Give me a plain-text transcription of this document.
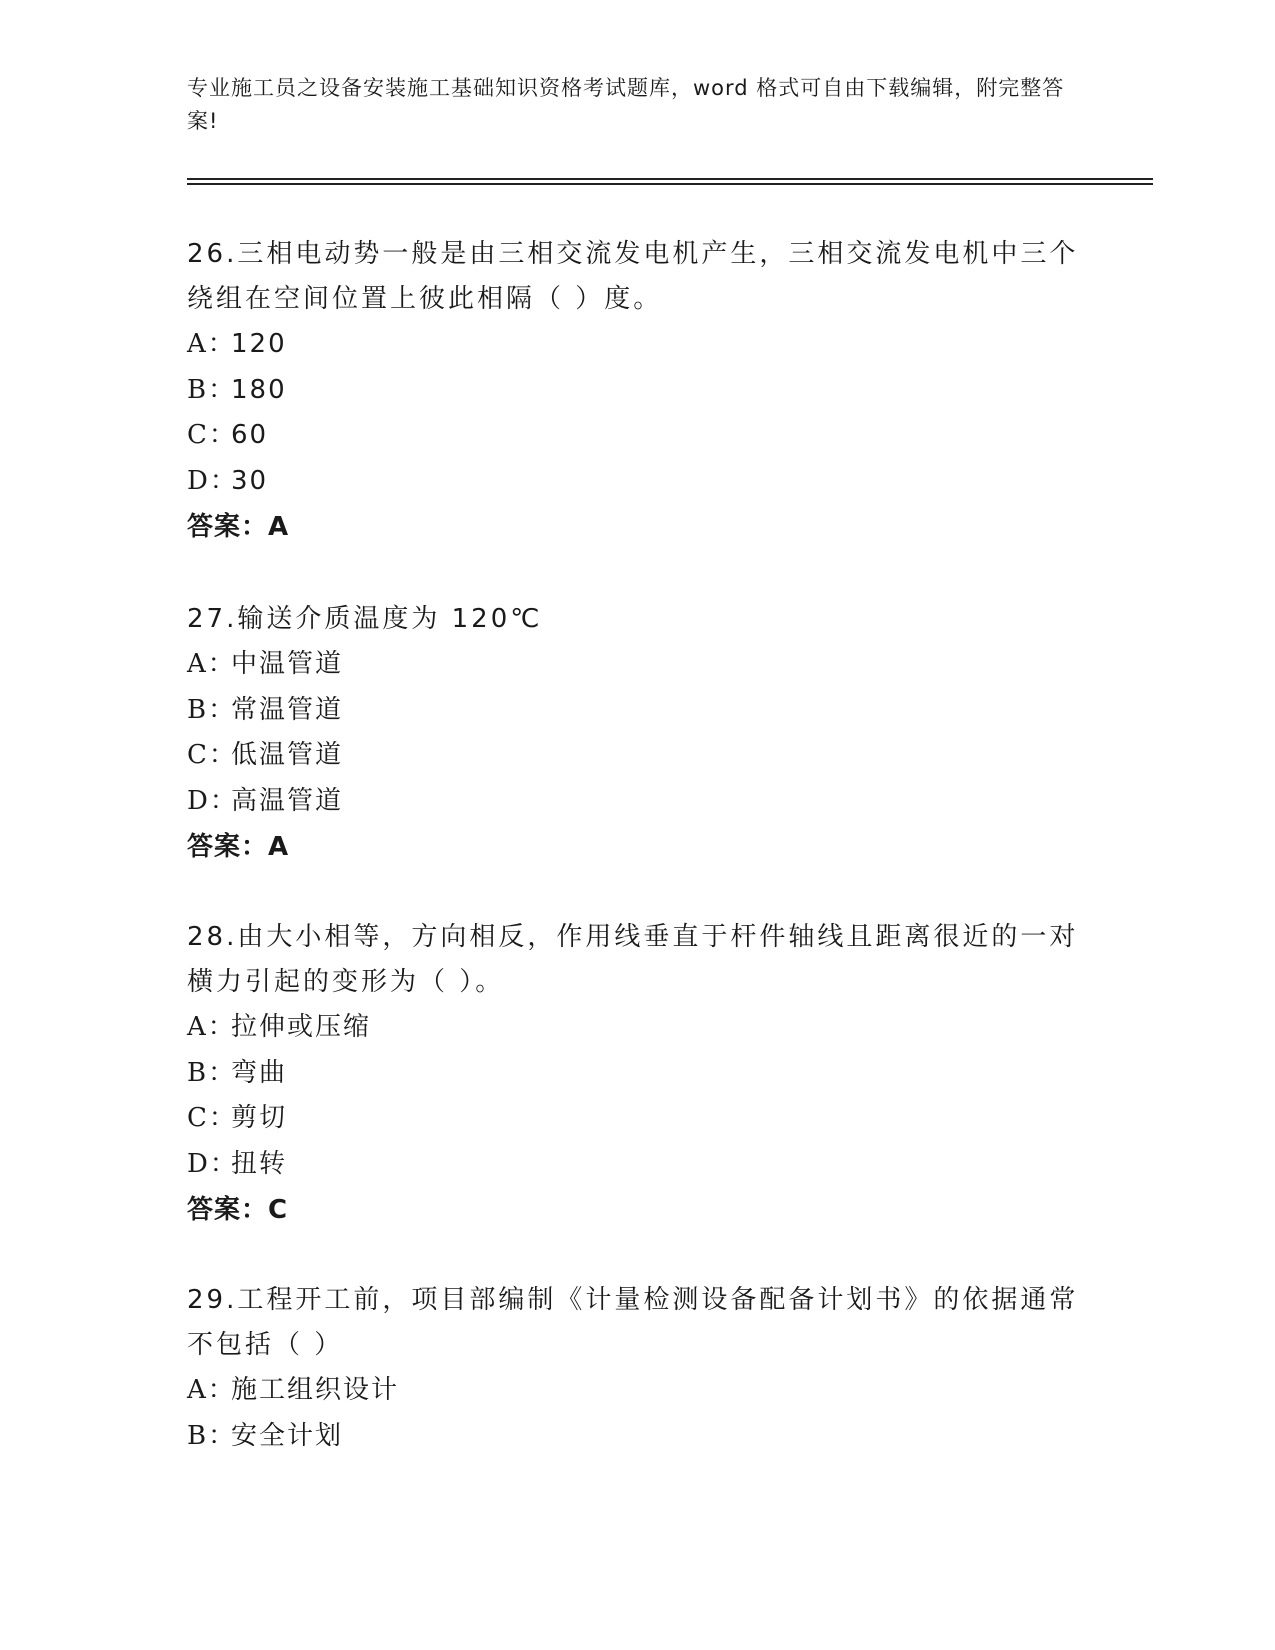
专业施工员之设备安装施工基础知识资格考试题库，word 格式可自由下载编辑，附完整答案!

26.三相电动势一般是由三相交流发电机产生，三相交流发电机中三个绕组在空间位置上彼此相隔（ ）度。

A：120

B：180

C：60

D：30

答案：A

27.输送介质温度为 120℃

A：中温管道

B：常温管道

C：低温管道

D：高温管道

答案：A

28.由大小相等，方向相反，作用线垂直于杆件轴线且距离很近的一对横力引起的变形为（ ）。

A：拉伸或压缩

B：弯曲

C：剪切

D：扭转

答案：C

29.工程开工前，项目部编制《计量检测设备配备计划书》的依据通常不包括（ ）

A：施工组织设计

B：安全计划
